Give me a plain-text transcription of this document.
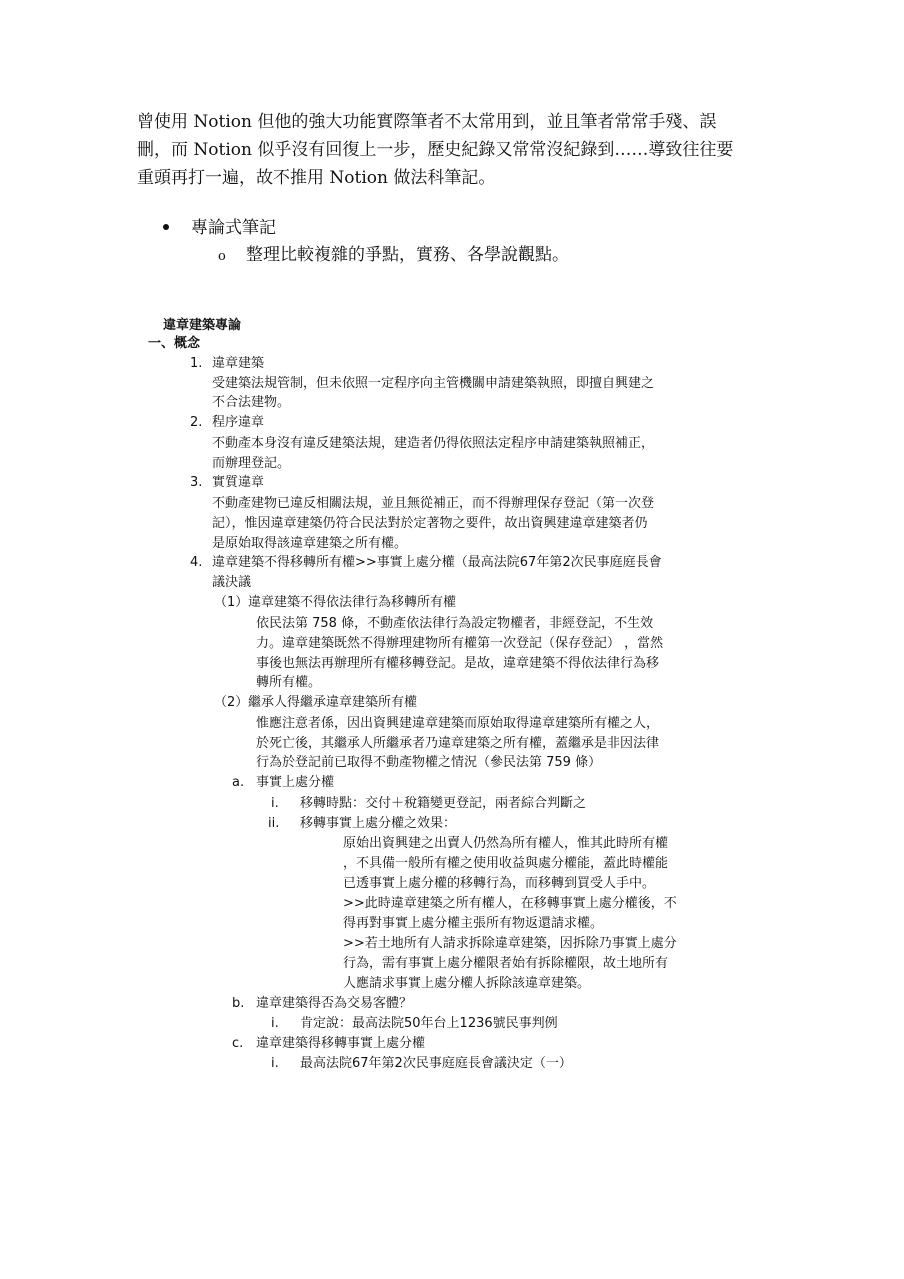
曾使用 Notion 但他的強大功能實際筆者不太常用到，並且筆者常常手殘、誤
刪，而 Notion 似乎沒有回復上一步，歷史紀錄又常常沒紀錄到……導致往往要
重頭再打一遍，故不推用 Notion 做法科筆記。
專論式筆記
o 整理比較複雜的爭點，實務、各學說觀點。
違章建築專論
一、概念
1. 違章建築
受建築法規管制，但未依照一定程序向主管機關申請建築執照，即擅自興建之
不合法建物。
2. 程序違章
不動產本身沒有違反建築法規，建造者仍得依照法定程序申請建築執照補正，
而辦理登記。
3. 實質違章
不動產建物已違反相關法規，並且無從補正，而不得辦理保存登記（第一次登
記），惟因違章建築仍符合民法對於定著物之要件，故出資興建違章建築者仍
是原始取得該違章建築之所有權。
4. 違章建築不得移轉所有權>>事實上處分權（最高法院67年第2次民事庭庭長會
議決議
（1） 違章建築不得依法律行為移轉所有權
依民法第 758 條，不動產依法律行為設定物權者，非經登記，不生效
力。違章建築既然不得辦理建物所有權第一次登記（保存登記） ，當然
事後也無法再辦理所有權移轉登記。是故，違章建築不得依法律行為移
轉所有權。
（2） 繼承人得繼承違章建築所有權
惟應注意者係，因出資興建違章建築而原始取得違章建築所有權之人，
於死亡後，其繼承人所繼承者乃違章建築之所有權，蓋繼承是非因法律
行為於登記前已取得不動產物權之情況（參民法第 759 條）
a. 事實上處分權
i. 移轉時點：交付＋稅籍變更登記，兩者綜合判斷之
ii. 移轉事實上處分權之效果：
原始出資興建之出賣人仍然為所有權人，惟其此時所有權
，不具備一般所有權之使用收益與處分權能，蓋此時權能
已透事實上處分權的移轉行為，而移轉到買受人手中。
>>此時違章建築之所有權人，在移轉事實上處分權後，不
得再對事實上處分權主張所有物返還請求權。
>>若土地所有人請求拆除違章建築，因拆除乃事實上處分
行為，需有事實上處分權限者始有拆除權限，故土地所有
人應請求事實上處分權人拆除該違章建築。
b. 違章建築得否為交易客體？
i. 肯定說：最高法院50年台上1236號民事判例
c. 違章建築得移轉事實上處分權
i. 最高法院67年第2次民事庭庭長會議決定（一）
